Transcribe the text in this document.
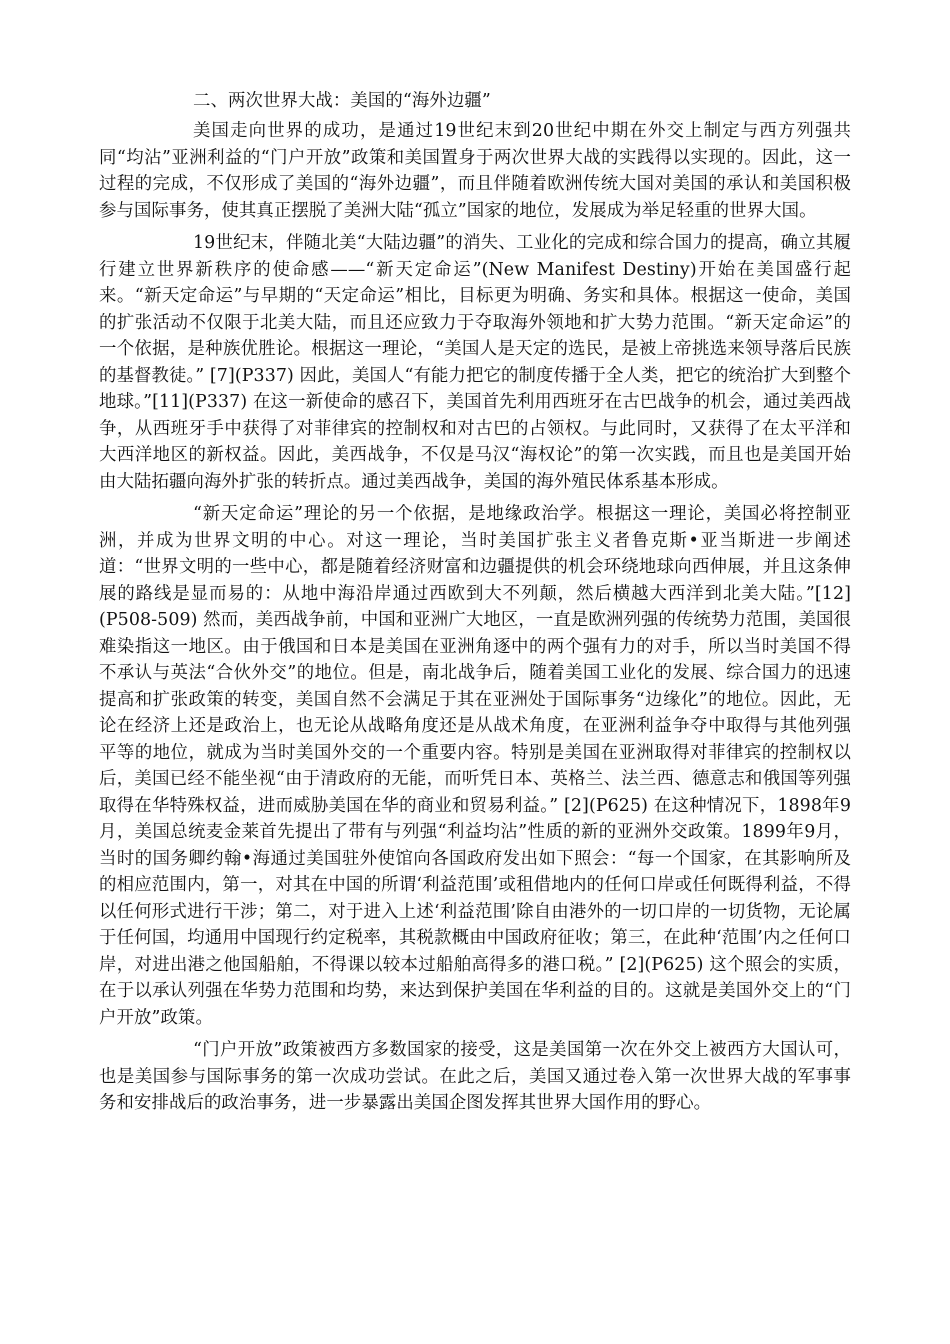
二、两次世界大战：美国的“海外边疆”

美国走向世界的成功，是通过19世纪末到20世纪中期在外交上制定与西方列强共同“均沾”亚洲利益的“门户开放”政策和美国置身于两次世界大战的实践得以实现的。因此，这一过程的完成，不仅形成了美国的“海外边疆”，而且伴随着欧洲传统大国对美国的承认和美国积极参与国际事务，使其真正摆脱了美洲大陆“孤立”国家的地位，发展成为举足轻重的世界大国。

19世纪末，伴随北美“大陆边疆”的消失、工业化的完成和综合国力的提高，确立其履行建立世界新秩序的使命感——“新天定命运”(New Manifest Destiny)开始在美国盛行起来。“新天定命运”与早期的“天定命运”相比，目标更为明确、务实和具体。根据这一使命，美国的扩张活动不仅限于北美大陆，而且还应致力于夺取海外领地和扩大势力范围。“新天定命运”的一个依据，是种族优胜论。根据这一理论，“美国人是天定的选民，是被上帝挑选来领导落后民族的基督教徒。” [7](P337) 因此，美国人“有能力把它的制度传播于全人类，把它的统治扩大到整个地球。”[11](P337) 在这一新使命的感召下，美国首先利用西班牙在古巴战争的机会，通过美西战争，从西班牙手中获得了对菲律宾的控制权和对古巴的占领权。与此同时，又获得了在太平洋和大西洋地区的新权益。因此，美西战争，不仅是马汉“海权论”的第一次实践，而且也是美国开始由大陆拓疆向海外扩张的转折点。通过美西战争，美国的海外殖民体系基本形成。

“新天定命运”理论的另一个依据，是地缘政治学。根据这一理论，美国必将控制亚洲，并成为世界文明的中心。对这一理论，当时美国扩张主义者鲁克斯•亚当斯进一步阐述道：“世界文明的一些中心，都是随着经济财富和边疆提供的机会环绕地球向西伸展，并且这条伸展的路线是显而易的：从地中海沿岸通过西欧到大不列颠，然后横越大西洋到北美大陆。”[12](P508-509) 然而，美西战争前，中国和亚洲广大地区，一直是欧洲列强的传统势力范围，美国很难染指这一地区。由于俄国和日本是美国在亚洲角逐中的两个强有力的对手，所以当时美国不得不承认与英法“合伙外交”的地位。但是，南北战争后，随着美国工业化的发展、综合国力的迅速提高和扩张政策的转变，美国自然不会满足于其在亚洲处于国际事务“边缘化”的地位。因此，无论在经济上还是政治上，也无论从战略角度还是从战术角度，在亚洲利益争夺中取得与其他列强平等的地位，就成为当时美国外交的一个重要内容。特别是美国在亚洲取得对菲律宾的控制权以后，美国已经不能坐视“由于清政府的无能，而听凭日本、英格兰、法兰西、德意志和俄国等列强取得在华特殊权益，进而威胁美国在华的商业和贸易利益。” [2](P625) 在这种情况下，1898年9月，美国总统麦金莱首先提出了带有与列强“利益均沾”性质的新的亚洲外交政策。1899年9月，当时的国务卿约翰•海通过美国驻外使馆向各国政府发出如下照会：“每一个国家，在其影响所及的相应范围内，第一，对其在中国的所谓‘利益范围’或租借地内的任何口岸或任何既得利益，不得以任何形式进行干涉；第二，对于进入上述‘利益范围’除自由港外的一切口岸的一切货物，无论属于任何国，均通用中国现行约定税率，其税款概由中国政府征收；第三，在此种‘范围’内之任何口岸，对进出港之他国船舶，不得课以较本过船舶高得多的港口税。” [2](P625) 这个照会的实质，在于以承认列强在华势力范围和均势，来达到保护美国在华利益的目的。这就是美国外交上的“门户开放”政策。

“门户开放”政策被西方多数国家的接受，这是美国第一次在外交上被西方大国认可，也是美国参与国际事务的第一次成功尝试。在此之后，美国又通过卷入第一次世界大战的军事事务和安排战后的政治事务，进一步暴露出美国企图发挥其世界大国作用的野心。
